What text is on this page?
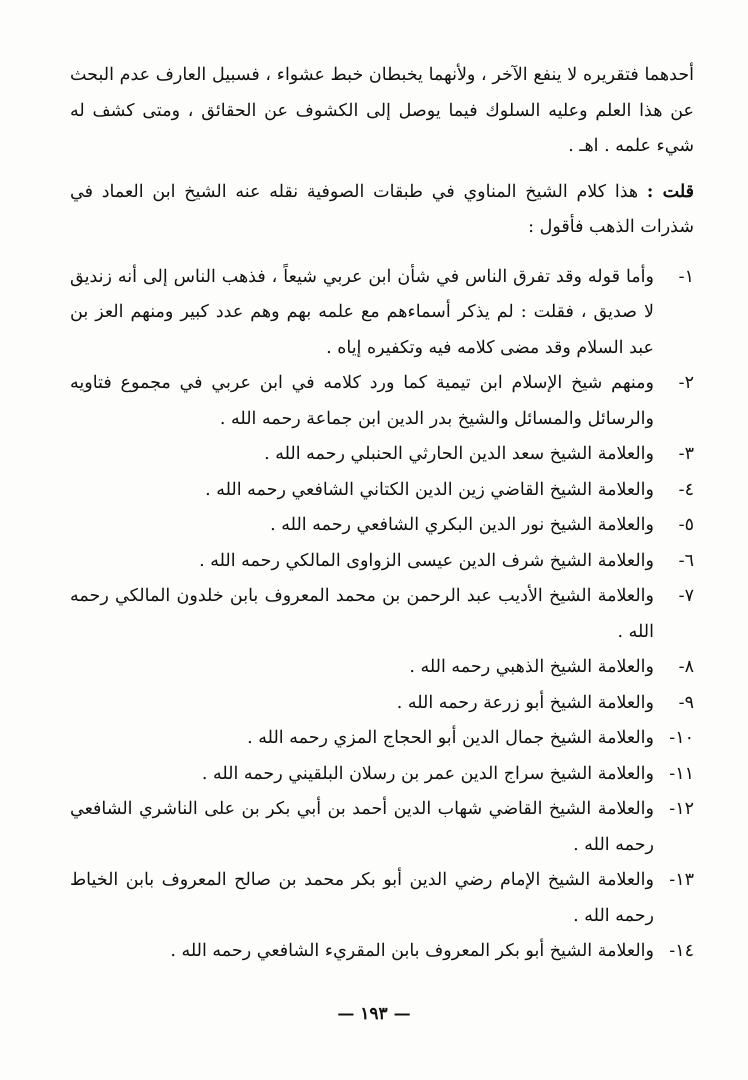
أحدهما فتقريره لا ينفع الآخر ، ولأنهما يخبطان خبط عشواء ، فسبيل العارف عدم البحث عن هذا العلم وعليه السلوك فيما يوصل إلى الكشوف عن الحقائق ، ومتى كشف له شيء علمه . اهـ .

قلت : هذا كلام الشيخ المناوي في طبقات الصوفية نقله عنه الشيخ ابن العماد في شذرات الذهب فأقول :

١-
وأما قوله وقد تفرق الناس في شأن ابن عربي شيعاً ، فذهب الناس إلى أنه زنديق لا صديق ، فقلت : لم يذكر أسماءهم مع علمه بهم وهم عدد كبير ومنهم العز بن عبد السلام وقد مضى كلامه فيه وتكفيره إياه .
٢-
ومنهم شيخ الإسلام ابن تيمية كما ورد كلامه في ابن عربي في مجموع فتاويه والرسائل والمسائل والشيخ بدر الدين ابن جماعة رحمه الله .
٣-
والعلامة الشيخ سعد الدين الحارثي الحنبلي رحمه الله .
٤-
والعلامة الشيخ القاضي زين الدين الكتاني الشافعي رحمه الله .
٥-
والعلامة الشيخ نور الدين البكري الشافعي رحمه الله .
٦-
والعلامة الشيخ شرف الدين عيسى الزواوى المالكي رحمه الله .
٧-
والعلامة الشيخ الأديب عبد الرحمن بن محمد المعروف بابن خلدون المالكي رحمه الله .
٨-
والعلامة الشيخ الذهبي رحمه الله .
٩-
والعلامة الشيخ أبو زرعة رحمه الله .
١٠-
والعلامة الشيخ جمال الدين أبو الحجاج المزي رحمه الله .
١١-
والعلامة الشيخ سراج الدين عمر بن رسلان البلقيني رحمه الله .
١٢-
والعلامة الشيخ القاضي شهاب الدين أحمد بن أبي بكر بن على الناشري الشافعي رحمه الله .
١٣-
والعلامة الشيخ الإمام رضي الدين أبو بكر محمد بن صالح المعروف بابن الخياط رحمه الله .
١٤-
والعلامة الشيخ أبو بكر المعروف بابن المقريء الشافعي رحمه الله .
— ١٩٣ —
